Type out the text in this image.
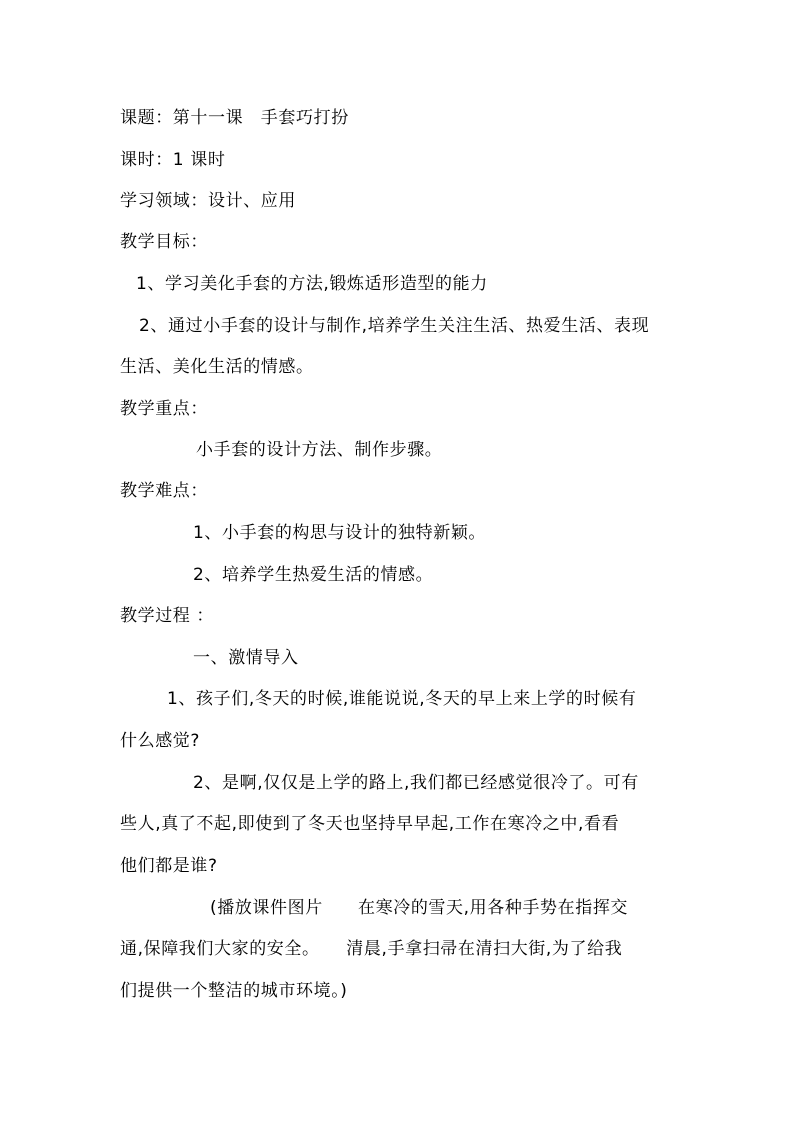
课题：第十一课　手套巧打扮
课时：1 课时
学习领域：设计、应用
教学目标：
1、学习美化手套的方法,锻炼适形造型的能力
2、通过小手套的设计与制作,培养学生关注生活、热爱生活、表现
生活、美化生活的情感。
教学重点：
小手套的设计方法、制作步骤。
教学难点：
1、小手套的构思与设计的独特新颖。
2、培养学生热爱生活的情感。
教学过程 ：
一、激情导入
1、孩子们,冬天的时候,谁能说说,冬天的早上来上学的时候有
什么感觉?
2、是啊,仅仅是上学的路上,我们都已经感觉很冷了。可有
些人,真了不起,即使到了冬天也坚持早早起,工作在寒冷之中,看看
他们都是谁?
(播放课件图片　　在寒冷的雪天,用各种手势在指挥交
通,保障我们大家的安全。　　清晨,手拿扫帚在清扫大街,为了给我
们提供一个整洁的城市环境。)
